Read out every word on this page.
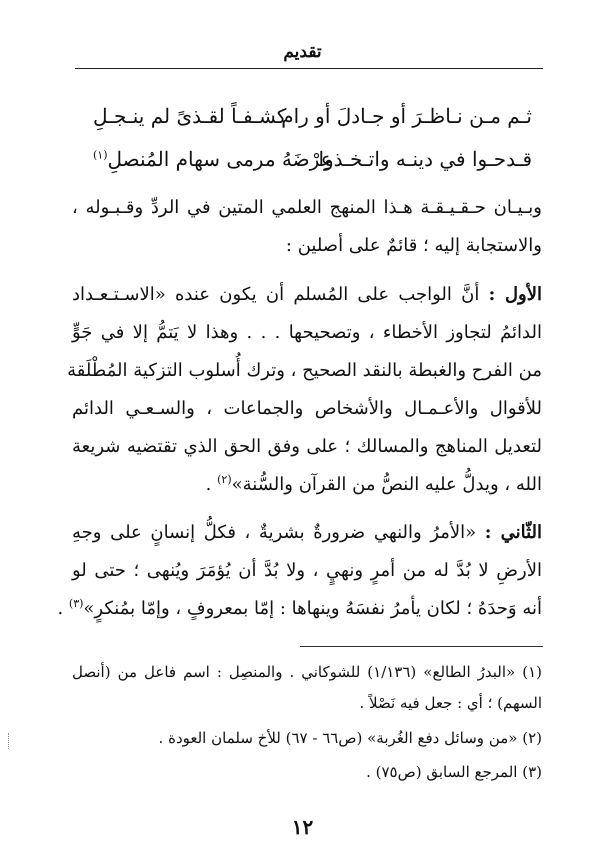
تقديم
ثـم مـن نـاظـرَ أو جـادلَ أو رام
كشـفـاً لقـذىً لم ينـجـلِ
قـدحـوا في دينـه واتـخـذوا
عِرْضَهُ مرمى سهام المُنصلِ$^{(١)}$
وبـيـان حـقـيـقـة هـذا المنهج العلمي المتين في الردِّ وقـبـوله ،
والاستجابة إليه ؛ قائمٌ على أصلين :
الأول : أنَّ الواجب على المُسلم أن يكون عنده «الاسـتـعـداد
الدائمُ لتجاوز الأخطاء ، وتصحيحها . . . وهذا لا يَتمُّ إلا في جَوٍّ
من الفرح والغبطة بالنقد الصحيح ، وترك أُسلوب التزكية المُطْلَقة
للأقوال والأعـمـال والأشخاص والجماعات ، والسـعـي الدائم
لتعديل المناهج والمسالك ؛ على وفق الحق الذي تقتضيه شريعة
الله ، ويدلُّ عليه النصُّ من القرآن والسُّنة»$^{(٢)}$ .
الثّاني : «الأمرُ والنهي ضرورةٌ بشريةٌ ، فكلُّ إنسانٍ على وجهِ
الأرضِ لا بُدَّ له من أمرٍ ونهيٍ ، ولا بُدَّ أن يُؤمَرَ ويُنهى ؛ حتى لو
أنه وَحدَهُ ؛ لكان يأمرُ نفسَهُ وينهاها : إمّا بمعروفٍ ، وإمّا بمُنكرٍ»$^{(٣)}$ .
(١) «البدرُ الطالع» (١/١٣٦) للشوكاني . والمنصِل : اسم فاعل من (أنصل
السهم) ؛ أي : جعل فيه نَصْلاً .
(٢) «من وسائل دفع الغُربة» (ص٦٦ - ٦٧) للأخ سلمان العودة .
(٣) المرجع السابق (ص٧٥) .
١٢
